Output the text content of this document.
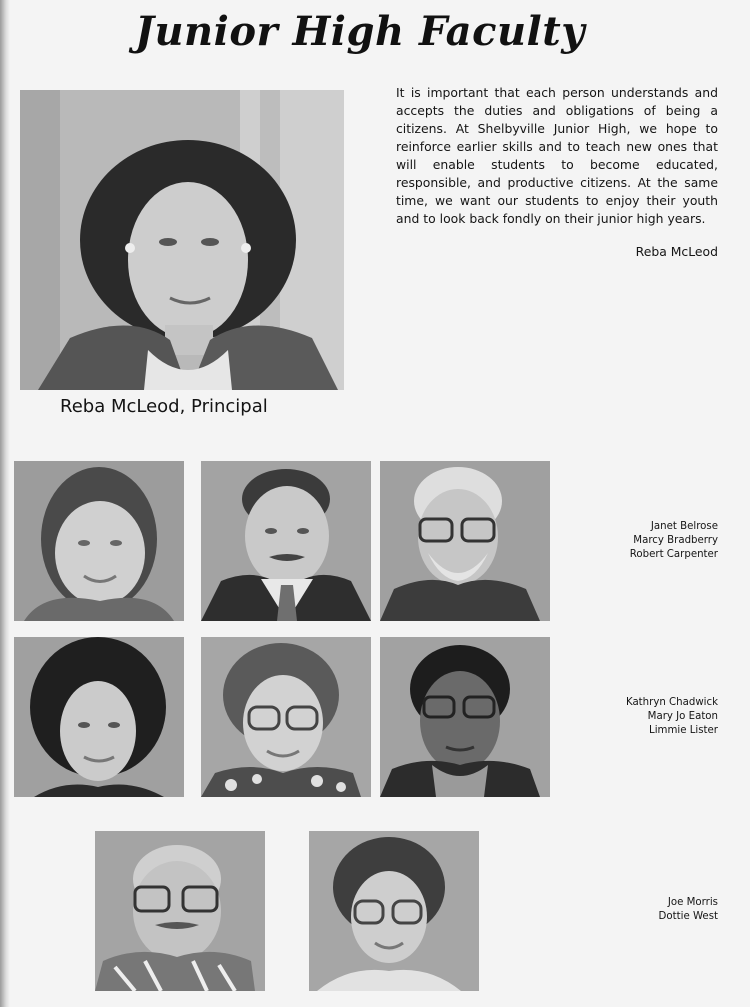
Junior High Faculty
Reba McLeod, Principal
It is important that each person understands and accepts the duties and obligations of being a citizens. At Shelbyville Junior High, we hope to reinforce earlier skills and to teach new ones that will enable students to become educated, responsible, and productive citizens. At the same time, we want our students to enjoy their youth and to look back fondly on their junior high years.
Reba McLeod
Janet Belrose
Marcy Bradberry
Robert Carpenter
Kathryn Chadwick
Mary Jo Eaton
Limmie Lister
Joe Morris
Dottie West
